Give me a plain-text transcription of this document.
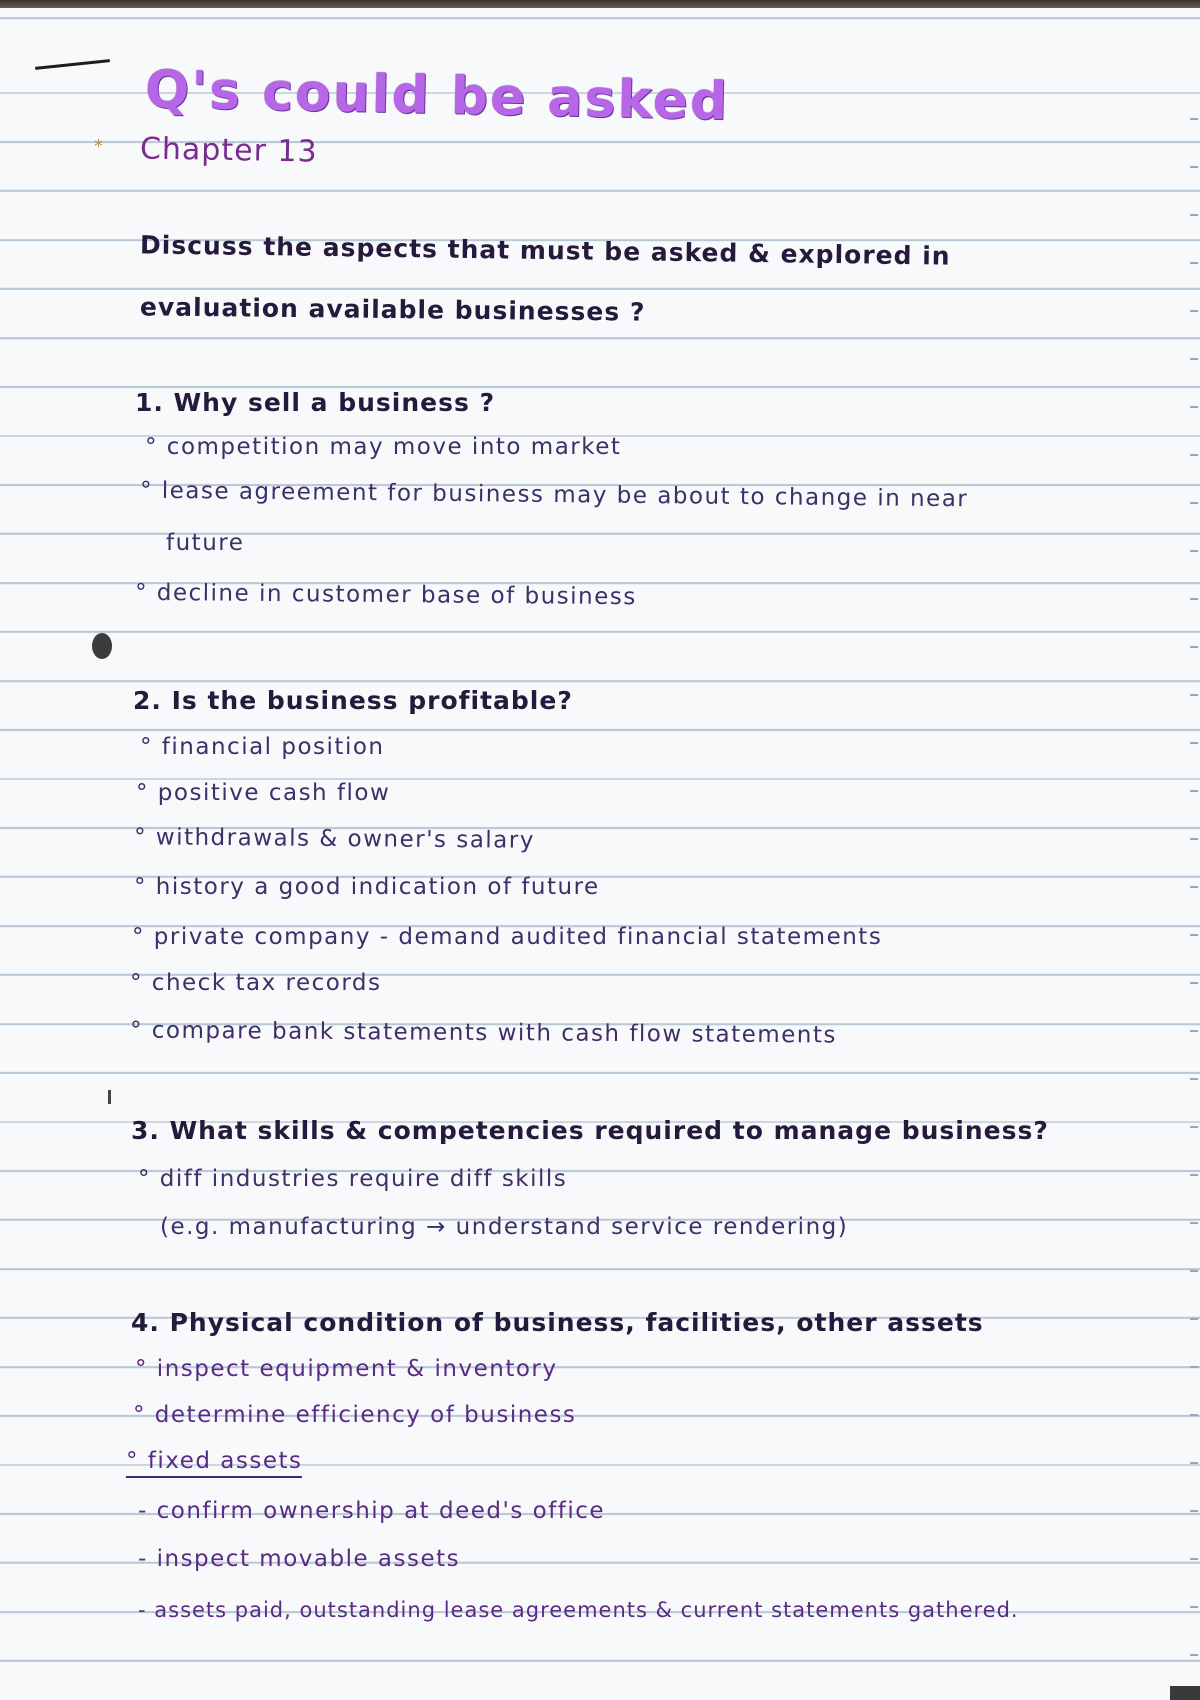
*
Q's could be asked
Chapter 13
Discuss the aspects that must be asked & explored in
evaluation available businesses ?
1. Why sell a business ?
° competition may move into market
° lease agreement for business may be about to change in near
future
° decline in customer base of business
2. Is the business profitable?
° financial position
° positive cash flow
° withdrawals & owner's salary
° history a good indication of future
° private company - demand audited financial statements
° check tax records
° compare bank statements with cash flow statements
3. What skills & competencies required to manage business?
° diff industries require diff skills
(e.g. manufacturing → understand service rendering)
4. Physical condition of business, facilities, other assets
° inspect equipment & inventory
° determine efficiency of business
° fixed assets
- confirm ownership at deed's office
- inspect movable assets
- assets paid, outstanding lease agreements & current statements gathered.
